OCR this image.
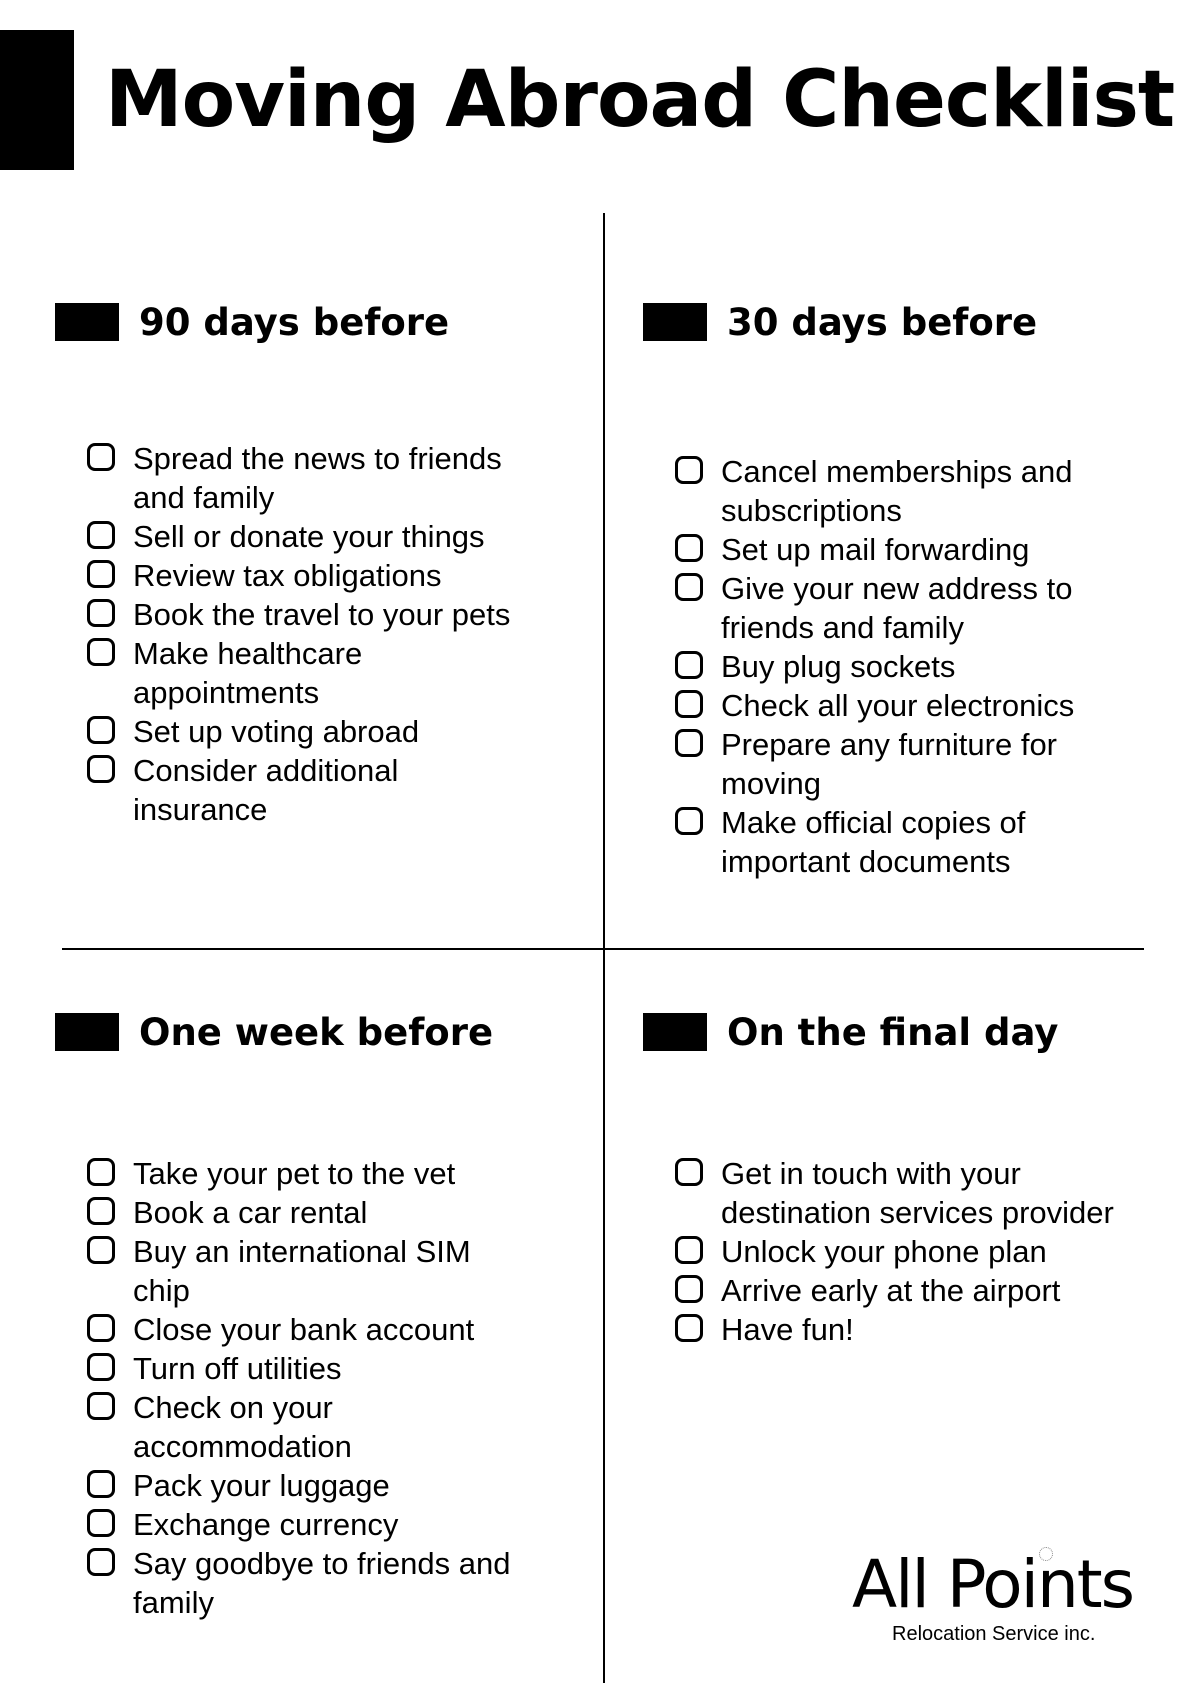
Moving Abroad Checklist
90 days before
Spread the news to friends and family
Sell or donate your things
Review tax obligations
Book the travel to your pets
Make healthcare appointments
Set up voting abroad
Consider additional insurance
30 days before
Cancel memberships and subscriptions
Set up mail forwarding
Give your new address to friends and family
Buy plug sockets
Check all your electronics
Prepare any furniture for moving
Make official copies of important documents
One week before
Take your pet to the vet
Book a car rental
Buy an international SIM chip
Close your bank account
Turn off utilities
Check on your accommodation
Pack your luggage
Exchange currency
Say goodbye to friends and family
On the final day
Get in touch with your destination services provider
Unlock your phone plan
Arrive early at the airport
Have fun!
All Points
Relocation Service inc.
